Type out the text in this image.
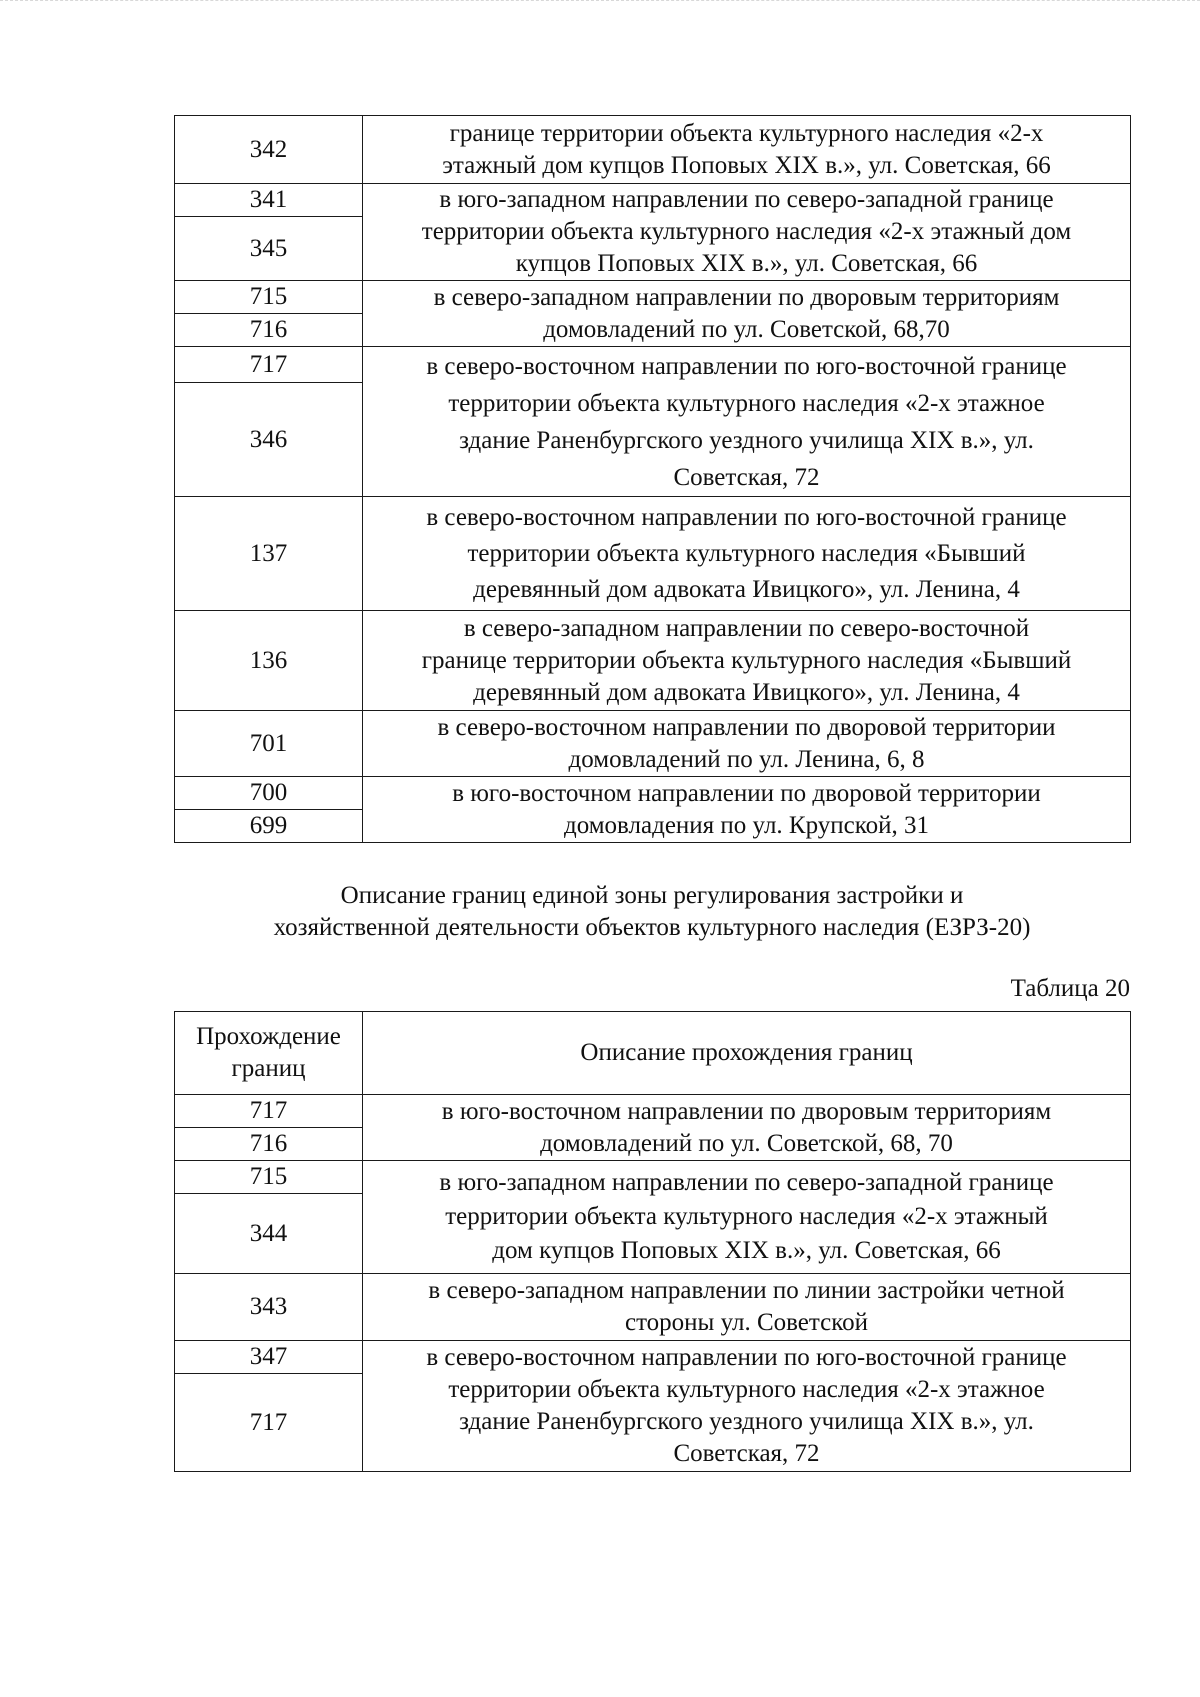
342	границе территории объекта культурного наследия «2-х
этажный дом купцов Поповых XIX в.», ул. Советская, 66

341	в юго-западном направлении по северо-западной границе
территории объекта культурного наследия «2-х этажный дом
купцов Поповых XIX в.», ул. Советская, 66

345	
715	в северо-западном направлении по дворовым территориям
домовладений по ул. Советской, 68,70

716	
717	в северо-восточном направлении по юго-восточной границе
территории объекта культурного наследия «2-х этажное
здание Раненбургского уездного училища XIX в.», ул.
Советская, 72

346	
137	в северо-восточном направлении по юго-восточной границе
территории объекта культурного наследия «Бывший
деревянный дом адвоката Ивицкого», ул. Ленина, 4

136	в северо-западном направлении по северо-восточной
границе территории объекта культурного наследия «Бывший
деревянный дом адвоката Ивицкого», ул. Ленина, 4

701	в северо-восточном направлении по дворовой территории
домовладений по ул. Ленина, 6, 8

700	в юго-восточном направлении по дворовой территории
домовладения по ул. Крупской, 31

699	
Описание границ единой зоны регулирования застройки и
хозяйственной деятельности объектов культурного наследия (ЕЗРЗ-20)
Таблица 20
Прохождение
границ	Описание прохождения границ
717	в юго-восточном направлении по дворовым территориям
домовладений по ул. Советской, 68, 70

716	
715	в юго-западном направлении по северо-западной границе
территории объекта культурного наследия «2-х этажный
дом купцов Поповых XIX в.», ул. Советская, 66

344	
343	в северо-западном направлении по линии застройки четной
стороны ул. Советской

347	в северо-восточном направлении по юго-восточной границе
территории объекта культурного наследия «2-х этажное
здание Раненбургского уездного училища XIX в.», ул.
Советская, 72

717	
